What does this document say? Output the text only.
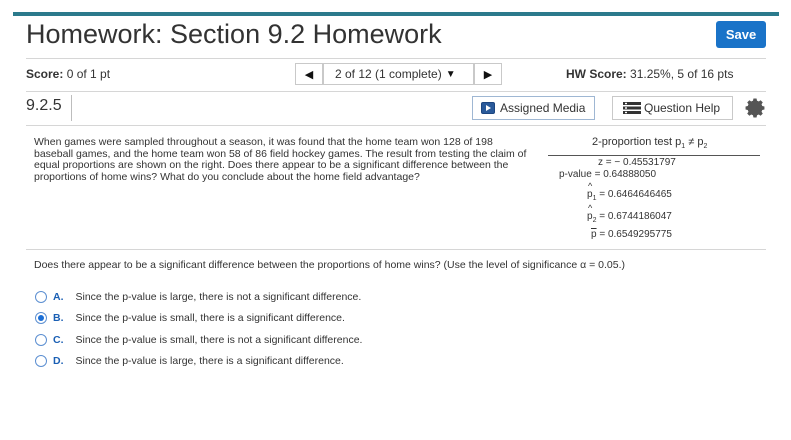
Homework: Section 9.2 Homework	Save
Score: 0 of 1 pt	◀ 2 of 12 (1 complete) ▼	▶	HW Score: 31.25%, 5 of 16 pts
9.2.5	Assigned Media	Question Help
When games were sampled throughout a season, it was found that the home team won 128 of 198 baseball games, and the home team won 58 of 86 field hockey games. The result from testing the claim of equal proportions are shown on the right. Does there appear to be a significant difference between the proportions of home wins? What do you conclude about the home field advantage?
2-proportion test $p_1 \ne p_2$
z = − 0.45531797
p-value = 0.64888050
^ $p_1 = 0.6464646465$
^ $p_2 = 0.6744186047$
$\overline{p} = 0.6549295775$
Does there appear to be a significant difference between the proportions of home wins? (Use the level of significance α = 0.05.)
A. Since the p-value is large, there is not a significant difference.
B. Since the p-value is small, there is a significant difference.
C. Since the p-value is small, there is not a significant difference.
D. Since the p-value is large, there is a significant difference.
